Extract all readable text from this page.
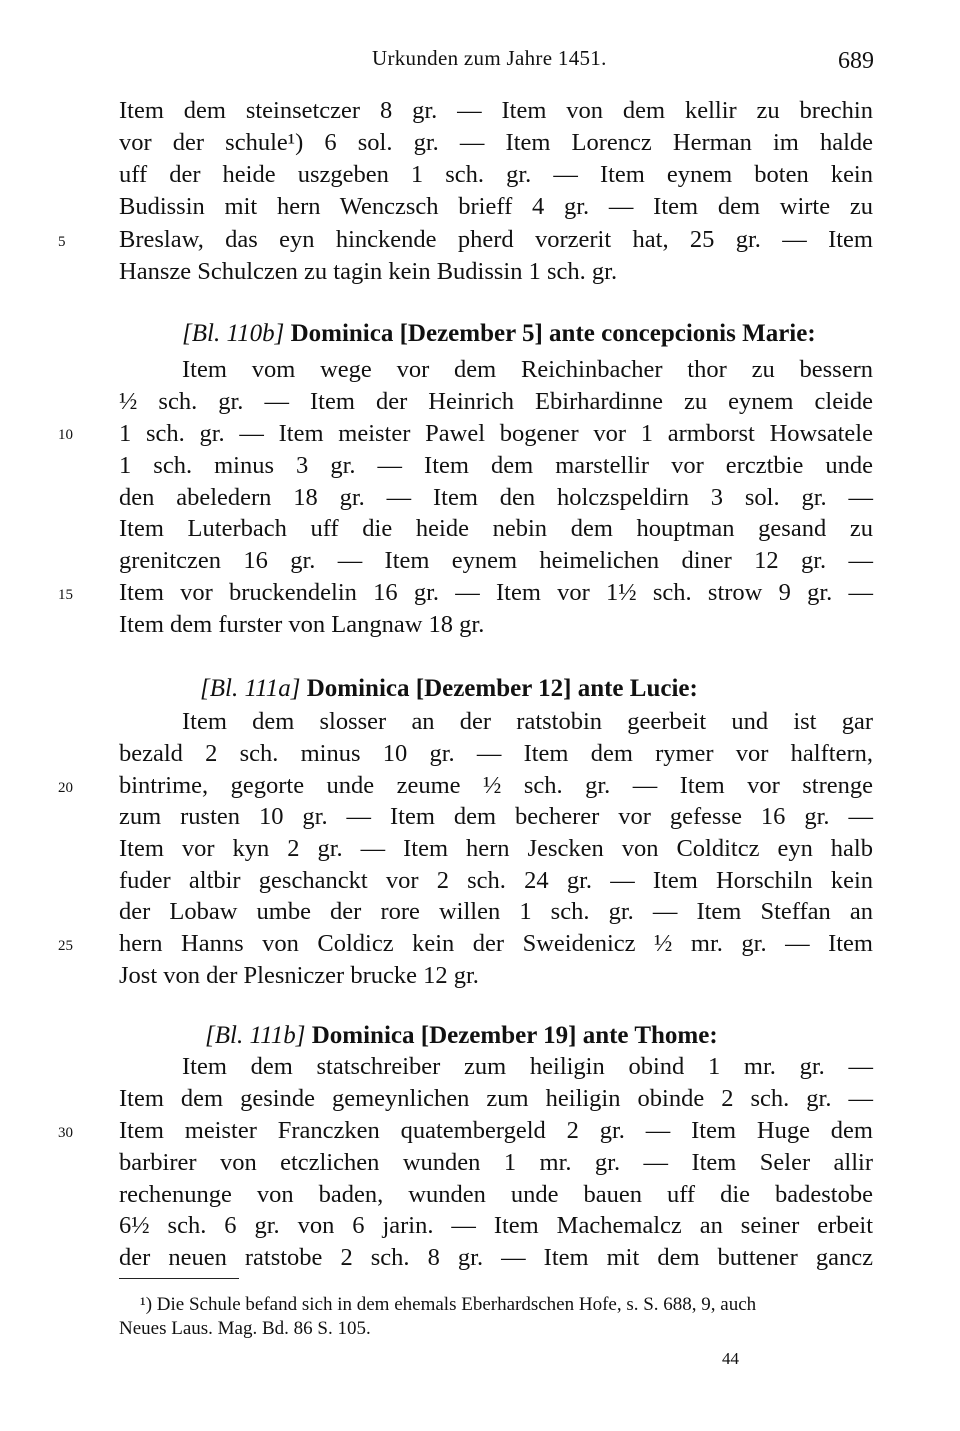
Urkunden zum Jahre 1451.	689
Item dem steinsetczer 8 gr. — Item von dem kellir zu brechin
vor der schule¹) 6 sol. gr. — Item Lorencz Herman im halde
uff der heide uszgeben 1 sch. gr. — Item eynem boten kein
Budissin mit hern Wenczsch brieff 4 gr. — Item dem wirte zu
Breslaw, das eyn hinckende pherd vorzerit hat, 25 gr. — Item
Hansze Schulczen zu tagin kein Budissin 1 sch. gr.
[Bl. 110b] Dominica [Dezember 5] ante concepcionis Marie:
Item vom wege vor dem Reichinbacher thor zu bessern
½ sch. gr. — Item der Heinrich Ebirhardinne zu eynem cleide
1 sch. gr. — Item meister Pawel bogener vor 1 armborst Howsatele
1 sch. minus 3 gr. — Item dem marstellir vor ercztbie unde
den abeledern 18 gr. — Item den holczspeldirn 3 sol. gr. —
Item Luterbach uff die heide nebin dem houptman gesand zu
grenitczen 16 gr. — Item eynem heimelichen diner 12 gr. —
Item vor bruckendelin 16 gr. — Item vor 1½ sch. strow 9 gr. —
Item dem furster von Langnaw 18 gr.
[Bl. 111a] Dominica [Dezember 12] ante Lucie:
Item dem slosser an der ratstobin geerbeit und ist gar
bezald 2 sch. minus 10 gr. — Item dem rymer vor halftern,
bintrime, gegorte unde zeume ½ sch. gr. — Item vor strenge
zum rusten 10 gr. — Item dem becherer vor gefesse 16 gr. —
Item vor kyn 2 gr. — Item hern Jescken von Colditcz eyn halb
fuder altbir geschanckt vor 2 sch. 24 gr. — Item Horschiln kein
der Lobaw umbe der rore willen 1 sch. gr. — Item Steffan an
hern Hanns von Coldicz kein der Sweidenicz ½ mr. gr. — Item
Jost von der Plesniczer brucke 12 gr.
[Bl. 111b] Dominica [Dezember 19] ante Thome:
Item dem statschreiber zum heiligin obind 1 mr. gr. —
Item dem gesinde gemeynlichen zum heiligin obinde 2 sch. gr. —
Item meister Franczken quatembergeld 2 gr. — Item Huge dem
barbirer von etczlichen wunden 1 mr. gr. — Item Seler allir
rechenunge von baden, wunden unde bauen uff die badestobe
6½ sch. 6 gr. von 6 jarin. — Item Machemalcz an seiner erbeit
der neuen ratstobe 2 sch. 8 gr. — Item mit dem buttener gancz
5
10
15
20
25
30
¹) Die Schule befand sich in dem ehemals Eberhardschen Hofe, s. S. 688, 9, auch
Neues Laus. Mag. Bd. 86 S. 105.
44
